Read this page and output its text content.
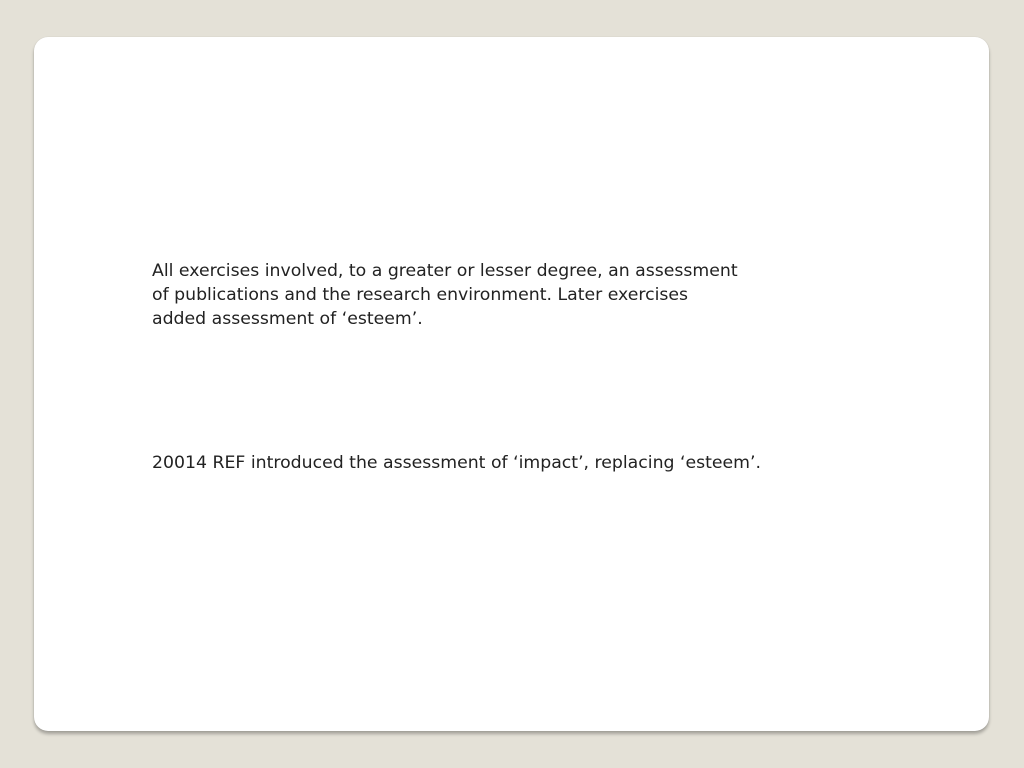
All exercises involved, to a greater or lesser degree, an assessment
of publications and the research environment. Later exercises
added assessment of ‘esteem’.

20014 REF introduced the assessment of ‘impact’, replacing ‘esteem’.
